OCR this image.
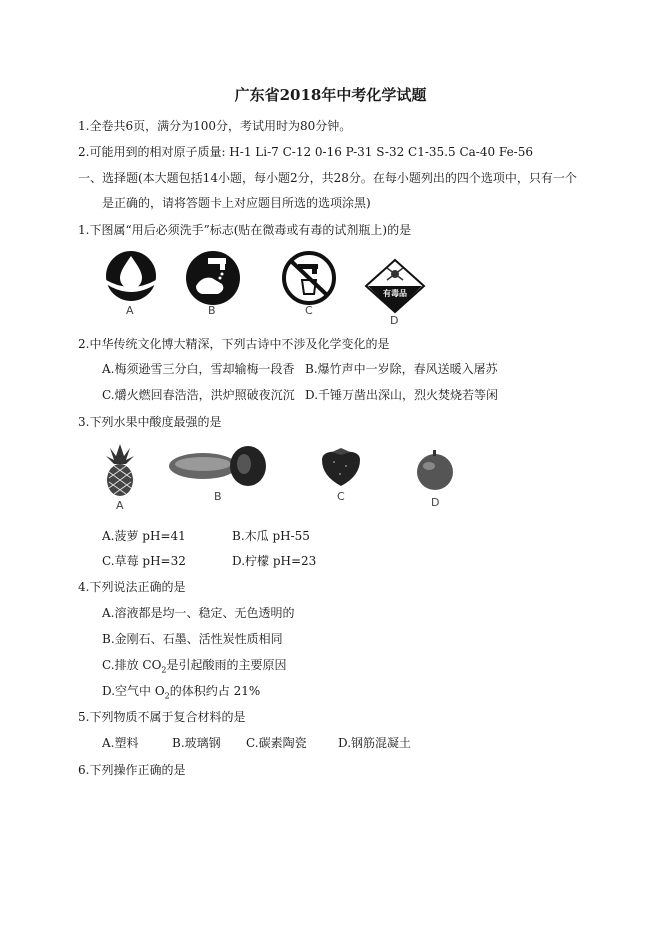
广东省2018年中考化学试题
1.全卷共6页，满分为100分，考试用时为80分钟。
2.可能用到的相对原子质量: H-1 Li-7 C-12 0-16 P-31 S-32 C1-35.5 Ca-40 Fe-56
一、选择题(本大题包括14小题，每小题2分，共28分。在每小题列出的四个选项中，只有一个
是正确的，请将答题卡上对应题目所选的选项涂黑)
1.下图属“用后必须洗手”标志(贴在微毒或有毒的试剂瓶上)的是
A	B	C
有毒品
D
2.中华传统文化博大精深，下列古诗中不涉及化学变化的是
A.梅须逊雪三分白，雪却输梅一段香 B.爆竹声中一岁除，春风送暖入屠苏
C.爝火燃回春浩浩，洪炉照破夜沉沉 D.千锤万凿出深山，烈火焚烧若等闲
3.下列水果中酸度最强的是
A
B	C	D
A.菠萝 pH=41	B.木瓜 pH-55
C.草莓 pH=32	D.柠檬 pH=23
4.下列说法正确的是
A.溶液都是均一、稳定、无色透明的
B.金刚石、石墨、活性炭性质相同
C.排放 $CO_2$是引起酸雨的主要原因
D.空气中 $O_2$的体积约占 21%
5.下列物质不属于复合材料的是
A.塑料	B.玻璃钢 C.碳素陶瓷	D.钢筋混凝土
6.下列操作正确的是
